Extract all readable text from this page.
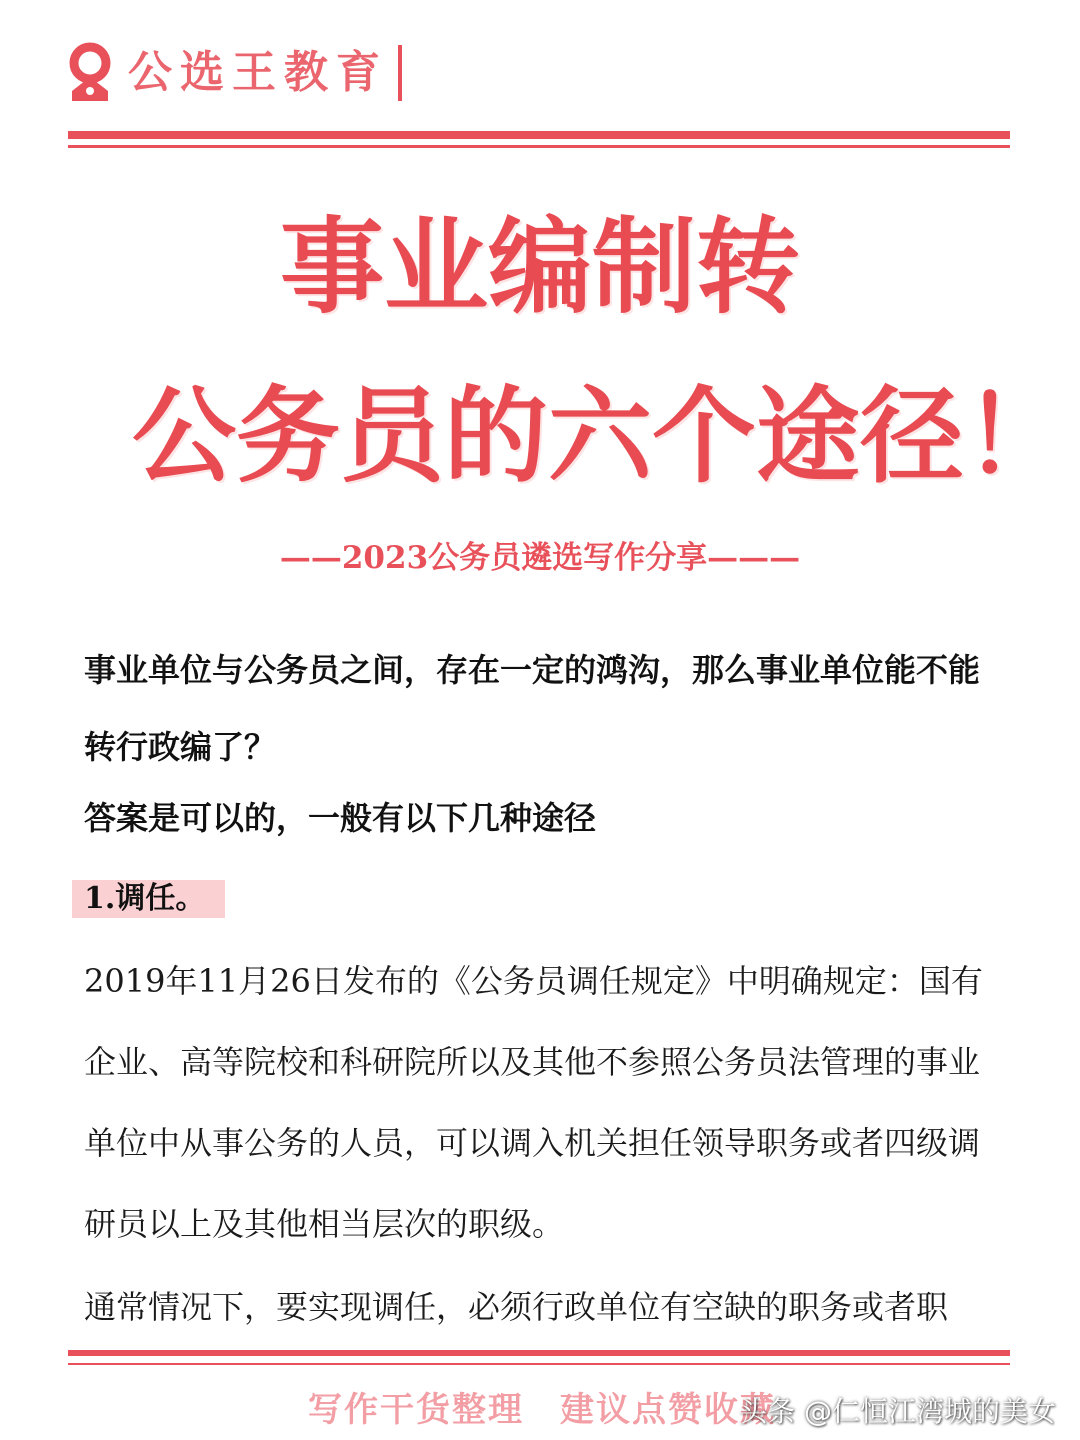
公选王教育
事业编制转
公务员的六个途径！
——2023公务员遴选写作分享———
事业单位与公务员之间，存在一定的鸿沟，那么事业单位能不能转行政编了？
答案是可以的，一般有以下几种途径
1.调任。
2019年11月26日发布的《公务员调任规定》中明确规定：国有企业、高等院校和科研院所以及其他不参照公务员法管理的事业单位中从事公务的人员，可以调入机关担任领导职务或者四级调研员以上及其他相当层次的职级。
通常情况下，要实现调任，必须行政单位有空缺的职务或者职
写作干货整理 建议点赞收藏
头条 @仁恒江湾城的美女
